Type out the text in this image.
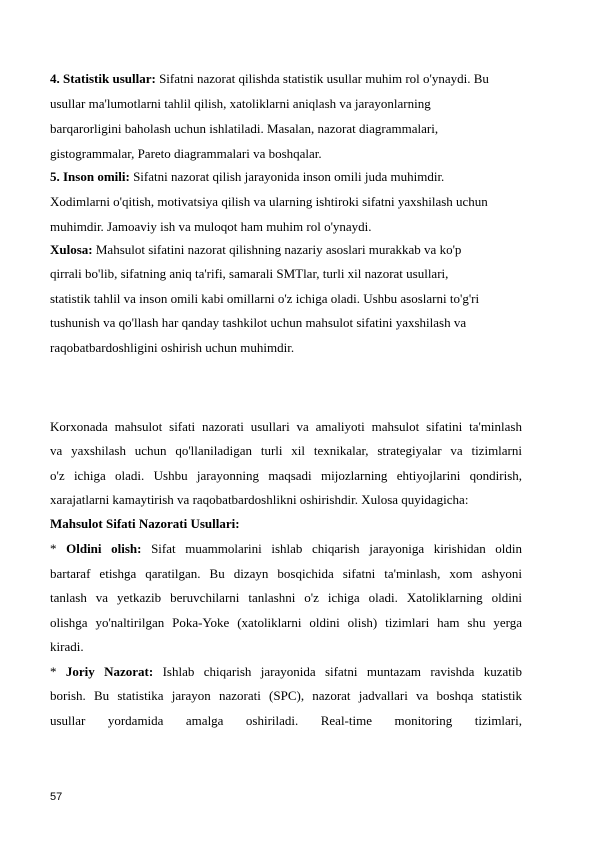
4. Statistik usullar: Sifatni nazorat qilishda statistik usullar muhim rol o'ynaydi. Bu
usullar ma'lumotlarni tahlil qilish, xatoliklarni aniqlash va jarayonlarning
barqarorligini baholash uchun ishlatiladi. Masalan, nazorat diagrammalari,
gistogrammalar, Pareto diagrammalari va boshqalar.
5. Inson omili: Sifatni nazorat qilish jarayonida inson omili juda muhimdir.
Xodimlarni o'qitish, motivatsiya qilish va ularning ishtiroki sifatni yaxshilash uchun
muhimdir. Jamoaviy ish va muloqot ham muhim rol o'ynaydi.
Xulosa: Mahsulot sifatini nazorat qilishning nazariy asoslari murakkab va ko'p
qirrali bo'lib, sifatning aniq ta'rifi, samarali SMTlar, turli xil nazorat usullari,
statistik tahlil va inson omili kabi omillarni o'z ichiga oladi. Ushbu asoslarni to'g'ri
tushunish va qo'llash har qanday tashkilot uchun mahsulot sifatini yaxshilash va
raqobatbardoshligini oshirish uchun muhimdir.
Korxonada mahsulot sifati nazorati usullari va amaliyoti mahsulot sifatini ta'minlash
va yaxshilash uchun qo'llaniladigan turli xil texnikalar, strategiyalar va tizimlarni
o'z ichiga oladi. Ushbu jarayonning maqsadi mijozlarning ehtiyojlarini qondirish,
xarajatlarni kamaytirish va raqobatbardoshlikni oshirishdir. Xulosa quyidagicha:
Mahsulot Sifati Nazorati Usullari:
* Oldini olish: Sifat muammolarini ishlab chiqarish jarayoniga kirishidan oldin
bartaraf etishga qaratilgan. Bu dizayn bosqichida sifatni ta'minlash, xom ashyoni
tanlash va yetkazib beruvchilarni tanlashni o'z ichiga oladi. Xatoliklarning oldini
olishga yo'naltirilgan Poka-Yoke (xatoliklarni oldini olish) tizimlari ham shu yerga
kiradi.
* Joriy Nazorat: Ishlab chiqarish jarayonida sifatni muntazam ravishda kuzatib
borish. Bu statistika jarayon nazorati (SPC), nazorat jadvallari va boshqa statistik
usullar yordamida amalga oshiriladi. Real-time monitoring tizimlari,
57
